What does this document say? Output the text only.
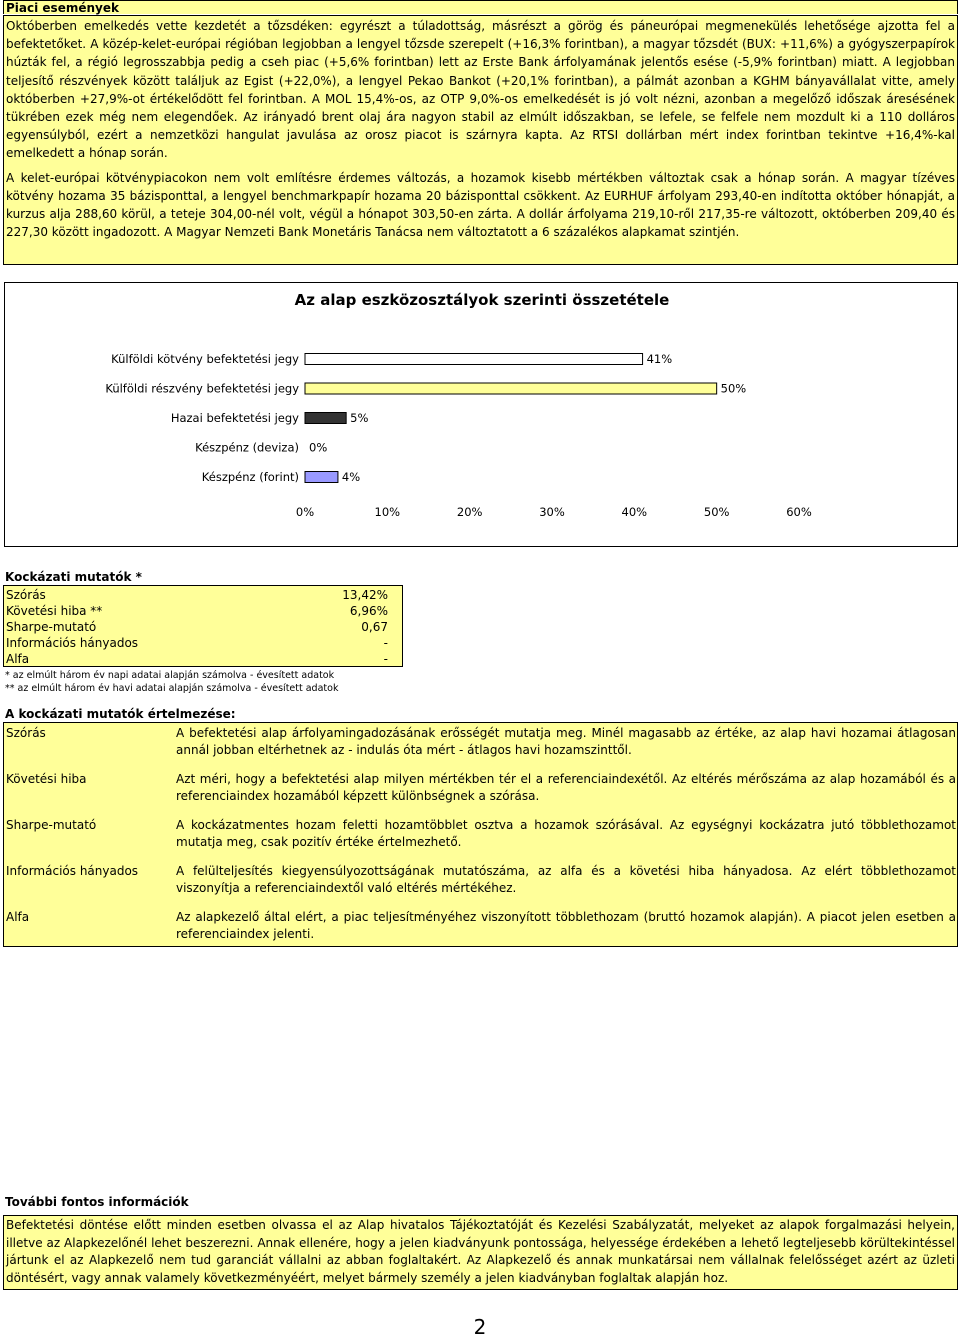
Piaci események

Októberben emelkedés vette kezdetét a tőzsdéken: egyrészt a túladottság, másrészt a görög és páneurópai megmenekülés lehetősége ajzotta fel a befektetőket. A közép-kelet-európai régióban legjobban a lengyel tőzsde szerepelt (+16,3% forintban), a magyar tőzsdét (BUX: +11,6%) a gyógyszerpapírok húzták fel, a régió legrosszabbja pedig a cseh piac (+5,6% forintban) lett az Erste Bank árfolyamának jelentős esése (-5,9% forintban) miatt. A legjobban teljesítő részvények között találjuk az Egist (+22,0%), a lengyel Pekao Bankot (+20,1% forintban), a pálmát azonban a KGHM bányavállalat vitte, amely októberben +27,9%-ot értékelődött fel forintban. A MOL 15,4%-os, az OTP 9,0%-os emelkedését is jó volt nézni, azonban a megelőző időszak áresésének tükrében ezek még nem elegendőek. Az irányadó brent olaj ára nagyon stabil az elmúlt időszakban, se lefele, se felfele nem mozdult ki a 110 dolláros egyensúlyból, ezért a nemzetközi hangulat javulása az orosz piacot is szárnyra kapta. Az RTSI dollárban mért index forintban tekintve +16,4%-kal emelkedett a hónap során.

A kelet-európai kötvénypiacokon nem volt említésre érdemes változás, a hozamok kisebb mértékben változtak csak a hónap során. A magyar tízéves kötvény hozama 35 bázisponttal, a lengyel benchmarkpapír hozama 20 bázisponttal csökkent. Az EURHUF árfolyam 293,40-en indította október hónapját, a kurzus alja 288,60 körül, a teteje 304,00-nél volt, végül a hónapot 303,50-en zárta. A dollár árfolyama 219,10-ről 217,35-re változott, októberben 209,40 és 227,30 között ingadozott. A Magyar Nemzeti Bank Monetáris Tanácsa nem változtatott a 6 százalékos alapkamat szintjén.

Külföldi kötvény befektetési jegy	41%
Külföldi részvény befektetési jegy	50%
Hazai befektetési jegy	5%
Készpénz (deviza) 0%
Készpénz (forint)	4%
0%	10%	20%	30%	40%	50%	60%
Az alap eszközosztályok szerinti összetétele
Kockázati mutatók *
Szórás	13,42%
Követési hiba **	6,96%
Sharpe-mutató	0,67
Információs hányados	-
Alfa	-
* az elmúlt három év napi adatai alapján számolva - évesített adatok
** az elmúlt három év havi adatai alapján számolva - évesített adatok
A kockázati mutatók értelmezése:
Szórás	A befektetési alap árfolyamingadozásának erősségét mutatja meg. Minél magasabb az értéke, az alap havi hozamai átlagosan annál jobban eltérhetnek az - indulás óta mért - átlagos havi hozamszinttől.
Követési hiba	Azt méri, hogy a befektetési alap milyen mértékben tér el a referenciaindexétől. Az eltérés mérőszáma az alap hozamából és a referenciaindex hozamából képzett különbségnek a szórása.
Sharpe-mutató	A kockázatmentes hozam feletti hozamtöbblet osztva a hozamok szórásával. Az egységnyi kockázatra jutó többlethozamot mutatja meg, csak pozitív értéke értelmezhető.
Információs hányados	A felülteljesítés kiegyensúlyozottságának mutatószáma, az alfa és a követési hiba hányadosa. Az elért többlethozamot viszonyítja a referenciaindextől való eltérés mértékéhez.
Alfa	Az alapkezelő által elért, a piac teljesítményéhez viszonyított többlethozam (bruttó hozamok alapján). A piacot jelen esetben a referenciaindex jelenti.
További fontos információk
Befektetési döntése előtt minden esetben olvassa el az Alap hivatalos Tájékoztatóját és Kezelési Szabályzatát, melyeket az alapok forgalmazási helyein, illetve az Alapkezelőnél lehet beszerezni. Annak ellenére, hogy a jelen kiadványunk pontossága, helyessége érdekében a lehető legteljesebb körültekintéssel jártunk el az Alapkezelő nem tud garanciát vállalni az abban foglaltakért. Az Alapkezelő és annak munkatársai nem vállalnak felelősséget azért az üzleti döntésért, vagy annak valamely következményéért, melyet bármely személy a jelen kiadványban foglaltak alapján hoz.
2
